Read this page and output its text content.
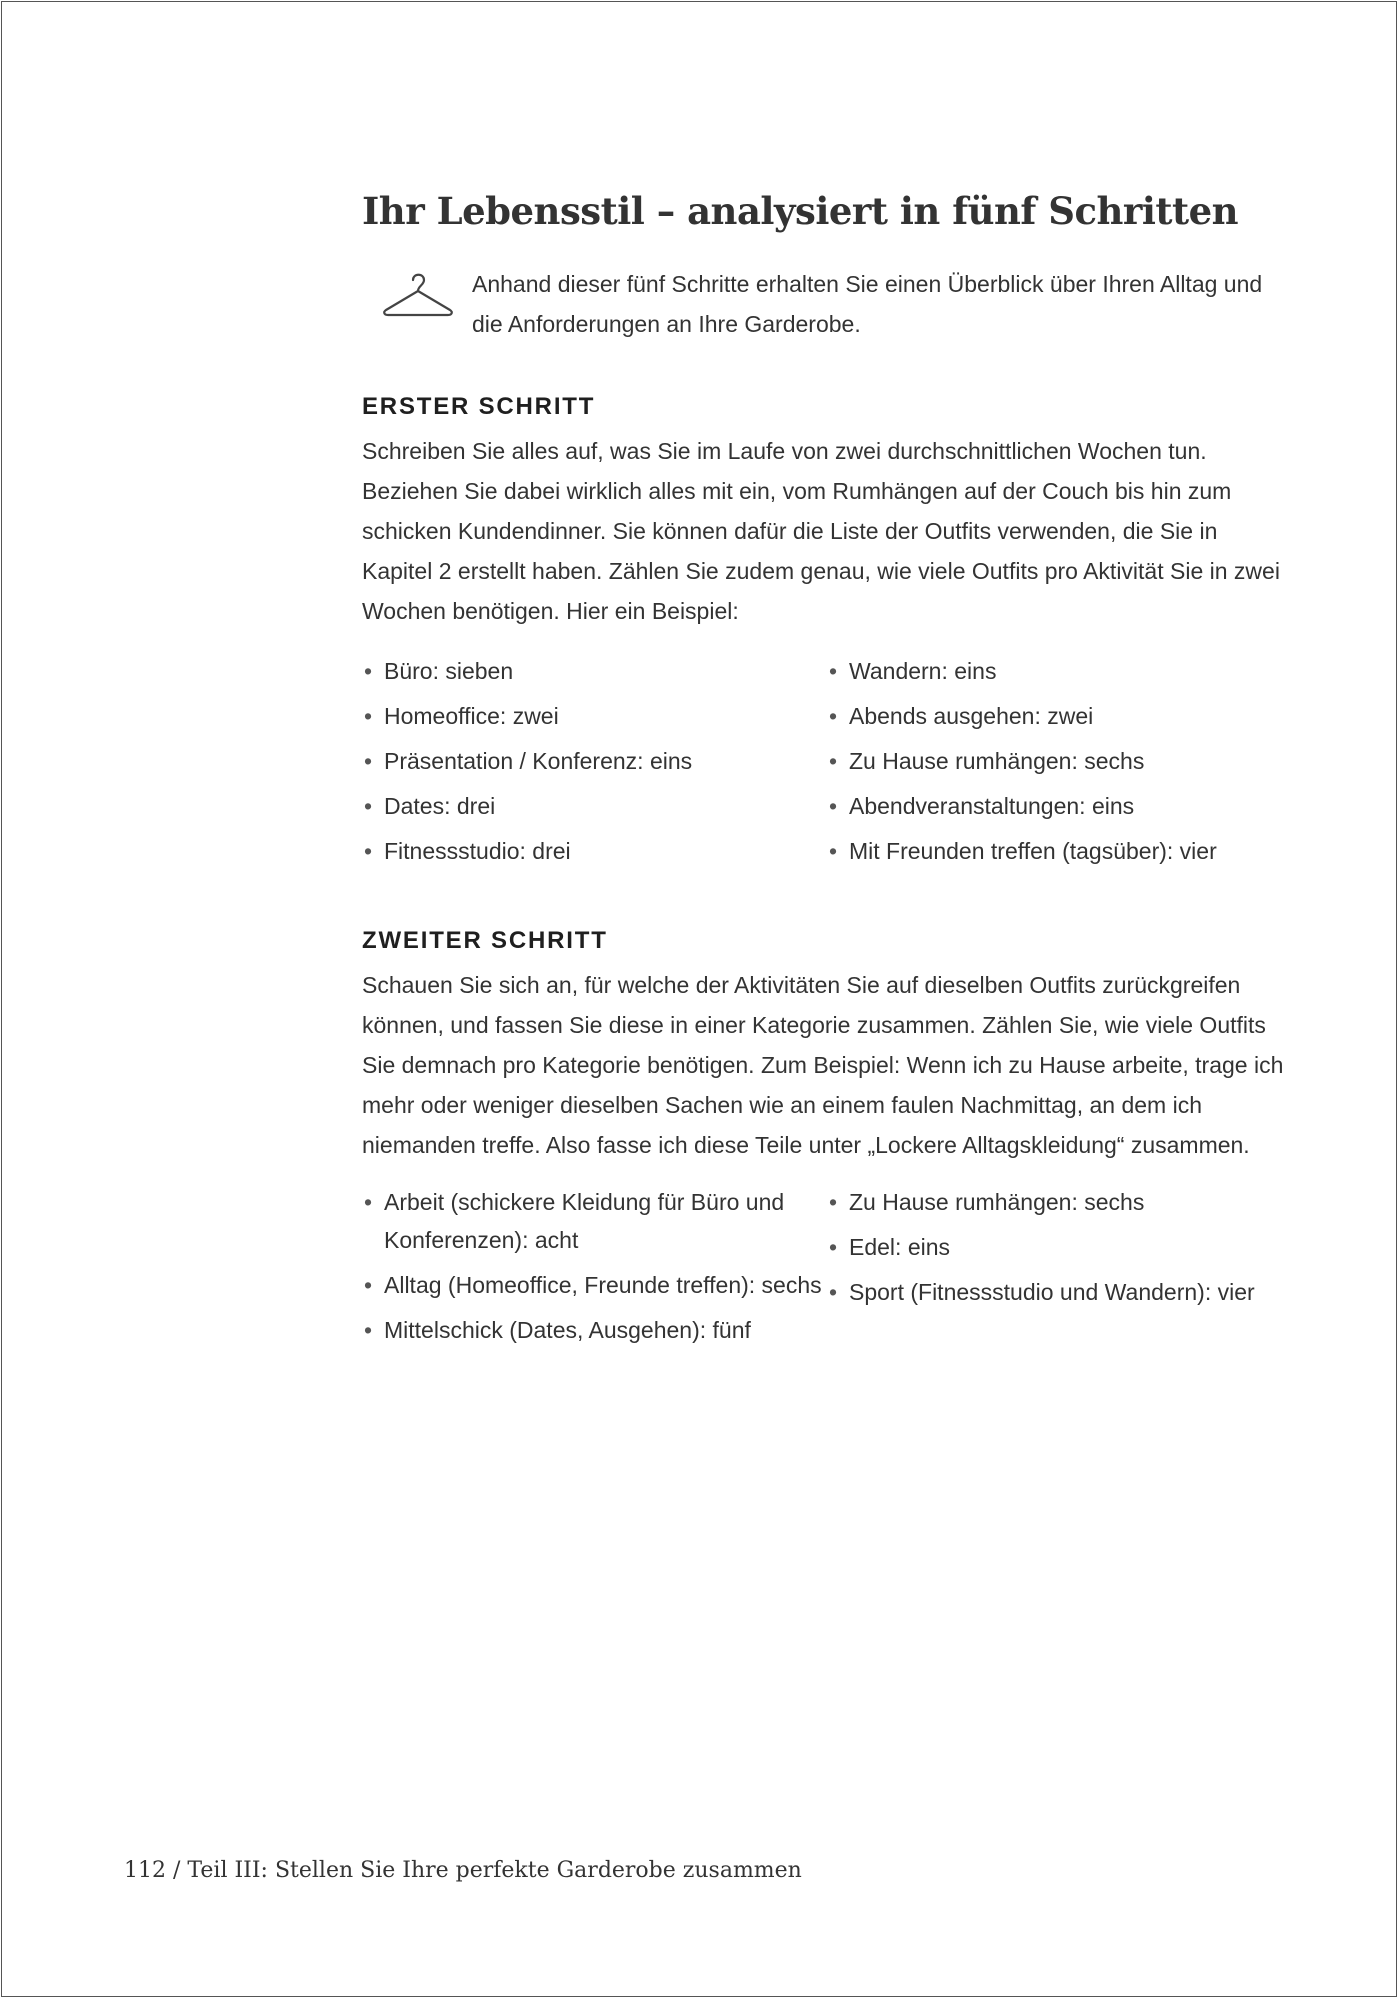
Ihr Lebensstil – analysiert in fünf Schritten
Anhand dieser fünf Schritte erhalten Sie einen Überblick über Ihren Alltag und die Anforderungen an Ihre Garderobe.
ERSTER SCHRITT

Schreiben Sie alles auf, was Sie im Laufe von zwei durchschnittlichen Wochen tun. Beziehen Sie dabei wirklich alles mit ein, vom Rumhängen auf der Couch bis hin zum schicken Kundendinner. Sie können dafür die Liste der Outfits verwenden, die Sie in Kapitel 2 erstellt haben. Zählen Sie zudem genau, wie viele Outfits pro Aktivität Sie in zwei Wochen benötigen. Hier ein Beispiel:

• Büro: sieben
• Homeoffice: zwei
• Präsentation / Konferenz: eins
• Dates: drei
• Fitnessstudio: drei
• Wandern: eins
• Abends ausgehen: zwei
• Zu Hause rumhängen: sechs
• Abendveranstaltungen: eins
• Mit Freunden treffen (tagsüber): vier
ZWEITER SCHRITT

Schauen Sie sich an, für welche der Aktivitäten Sie auf dieselben Outfits zurückgreifen können, und fassen Sie diese in einer Kategorie zusammen. Zählen Sie, wie viele Outfits Sie demnach pro Kategorie benötigen. Zum Beispiel: Wenn ich zu Hause arbeite, trage ich mehr oder weniger dieselben Sachen wie an einem faulen Nachmittag, an dem ich niemanden treffe. Also fasse ich diese Teile unter „Lockere Alltagskleidung“ zusammen.

• Arbeit (schickere Kleidung für Büro und Konferenzen): acht
• Alltag (Homeoffice, Freunde treffen): sechs
• Mittelschick (Dates, Ausgehen): fünf
• Zu Hause rumhängen: sechs
• Edel: eins
• Sport (Fitnessstudio und Wandern): vier
112 / Teil III: Stellen Sie Ihre perfekte Garderobe zusammen
